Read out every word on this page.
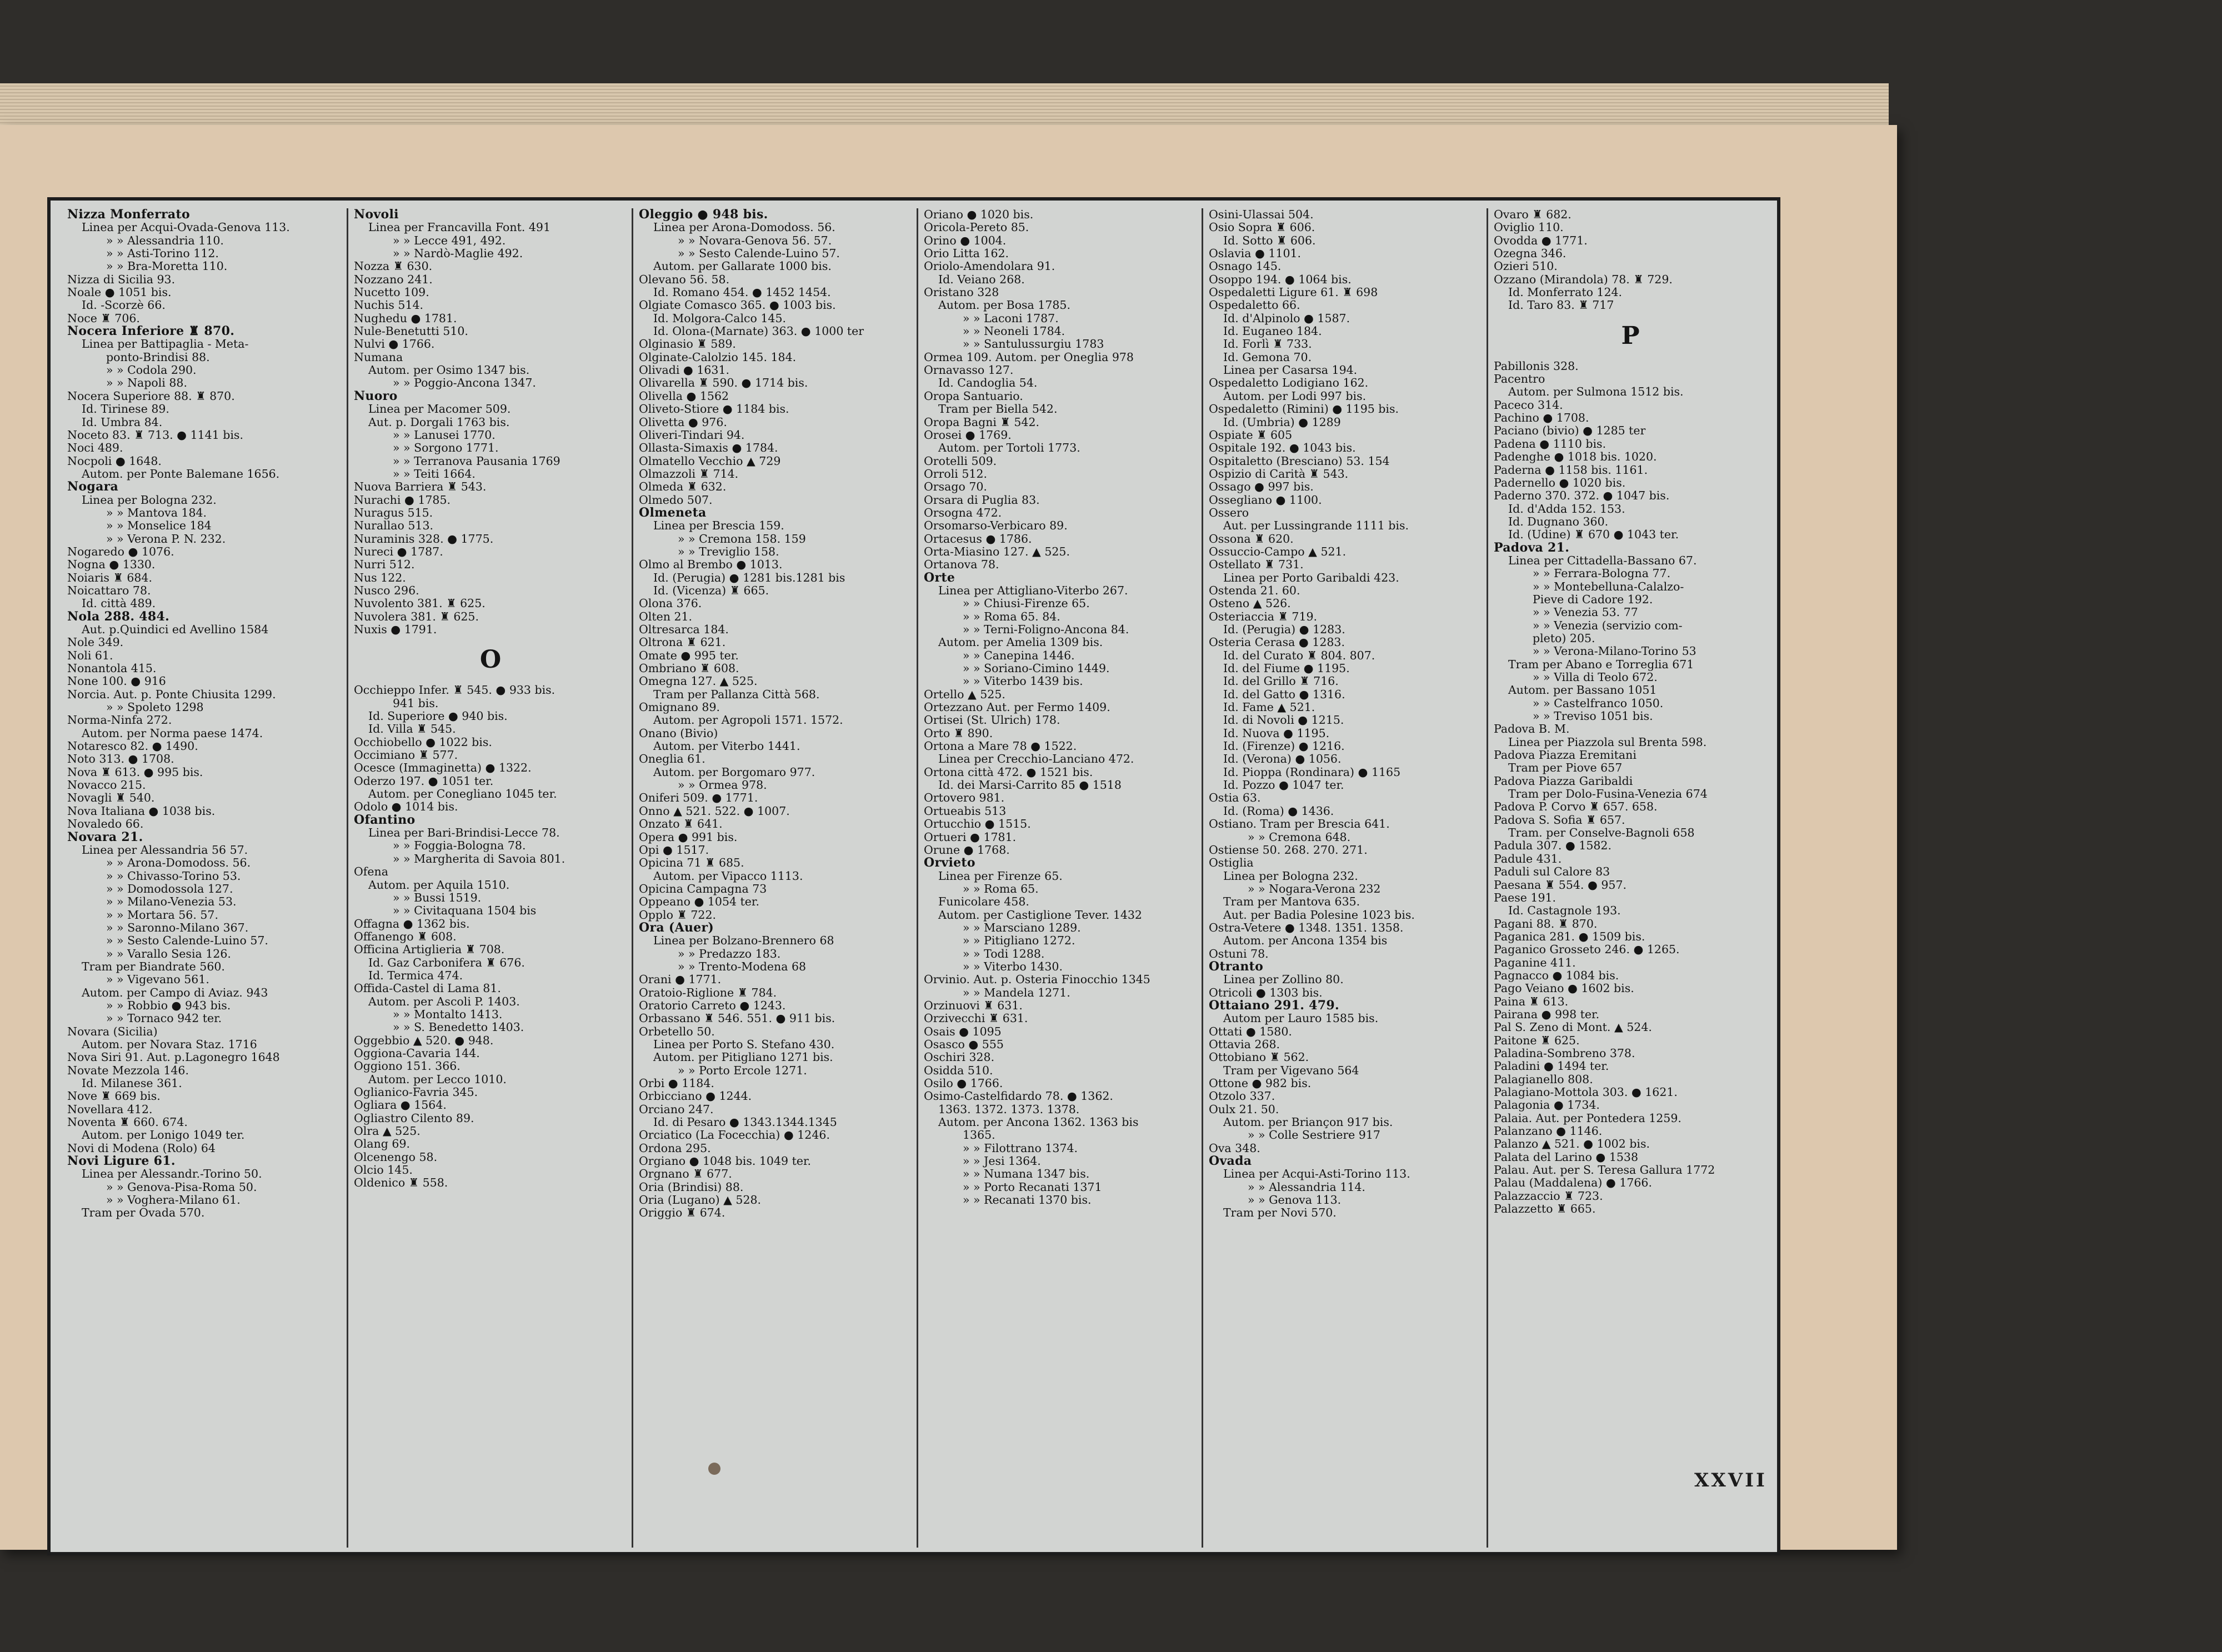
Nizza Monferrato
Linea per Acqui-Ovada-Genova 113.
» » Alessandria 110.
» » Asti-Torino 112.
» » Bra-Moretta 110.
Nizza di Sicilia 93.
Noale ● 1051 bis.
Id. -Scorzè 66.
Noce ♜ 706.
Nocera Inferiore ♜ 870.
Linea per Battipaglia - Meta-
ponto-Brindisi 88.
» » Codola 290.
» » Napoli 88.
Nocera Superiore 88. ♜ 870.
Id. Tirinese 89.
Id. Umbra 84.
Noceto 83. ♜ 713. ● 1141 bis.
Noci 489.
Nocpoli ● 1648.
Autom. per Ponte Balemane 1656.
Nogara
Linea per Bologna 232.
» » Mantova 184.
» » Monselice 184
» » Verona P. N. 232.
Nogaredo ● 1076.
Nogna ● 1330.
Noiaris ♜ 684.
Noicattaro 78.
Id. città 489.
Nola 288. 484.
Aut. p.Quindici ed Avellino 1584
Nole 349.
Noli 61.
Nonantola 415.
None 100. ● 916
Norcia. Aut. p. Ponte Chiusita 1299.
» » Spoleto 1298
Norma-Ninfa 272.
Autom. per Norma paese 1474.
Notaresco 82. ● 1490.
Noto 313. ● 1708.
Nova ♜ 613. ● 995 bis.
Novacco 215.
Novagli ♜ 540.
Nova Italiana ● 1038 bis.
Novaledo 66.
Novara 21.
Linea per Alessandria 56 57.
» » Arona-Domodoss. 56.
» » Chivasso-Torino 53.
» » Domodossola 127.
» » Milano-Venezia 53.
» » Mortara 56. 57.
» » Saronno-Milano 367.
» » Sesto Calende-Luino 57.
» » Varallo Sesia 126.
Tram per Biandrate 560.
» » Vigevano 561.
Autom. per Campo di Aviaz. 943
» » Robbio ● 943 bis.
» » Tornaco 942 ter.
Novara (Sicilia)
Autom. per Novara Staz. 1716
Nova Siri 91. Aut. p.Lagonegro 1648
Novate Mezzola 146.
Id. Milanese 361.
Nove ♜ 669 bis.
Novellara 412.
Noventa ♜ 660. 674.
Autom. per Lonigo 1049 ter.
Novi di Modena (Rolo) 64
Novi Ligure 61.
Linea per Alessandr.-Torino 50.
» » Genova-Pisa-Roma 50.
» » Voghera-Milano 61.
Tram per Ovada 570.
Novoli
Linea per Francavilla Font. 491
» » Lecce 491, 492.
» » Nardò-Maglie 492.
Nozza ♜ 630.
Nozzano 241.
Nucetto 109.
Nuchis 514.
Nughedu ● 1781.
Nule-Benetutti 510.
Nulvi ● 1766.
Numana
Autom. per Osimo 1347 bis.
» » Poggio-Ancona 1347.
Nuoro
Linea per Macomer 509.
Aut. p. Dorgali 1763 bis.
» » Lanusei 1770.
» » Sorgono 1771.
» » Terranova Pausania 1769
» » Teiti 1664.
Nuova Barriera ♜ 543.
Nurachi ● 1785.
Nuragus 515.
Nurallao 513.
Nuraminis 328. ● 1775.
Nureci ● 1787.
Nurri 512.
Nus 122.
Nusco 296.
Nuvolento 381. ♜ 625.
Nuvolera 381. ♜ 625.
Nuxis ● 1791.
O
Occhieppo Infer. ♜ 545. ● 933 bis.
941 bis.
Id. Superiore ● 940 bis.
Id. Villa ♜ 545.
Occhiobello ● 1022 bis.
Occimiano ♜ 577.
Ocesce (Immaginetta) ● 1322.
Oderzo 197. ● 1051 ter.
Autom. per Conegliano 1045 ter.
Odolo ● 1014 bis.
Ofantino
Linea per Bari-Brindisi-Lecce 78.
» » Foggia-Bologna 78.
» » Margherita di Savoia 801.
Ofena
Autom. per Aquila 1510.
» » Bussi 1519.
» » Civitaquana 1504 bis
Offagna ● 1362 bis.
Offanengo ♜ 608.
Officina Artiglieria ♜ 708.
Id. Gaz Carbonifera ♜ 676.
Id. Termica 474.
Offida-Castel di Lama 81.
Autom. per Ascoli P. 1403.
» » Montalto 1413.
» » S. Benedetto 1403.
Oggebbio ▲ 520. ● 948.
Oggiona-Cavaria 144.
Oggiono 151. 366.
Autom. per Lecco 1010.
Oglianico-Favria 345.
Ogliara ● 1564.
Ogliastro Cilento 89.
Olra ▲ 525.
Olang 69.
Olcenengo 58.
Olcio 145.
Oldenico ♜ 558.
Oleggio ● 948 bis.
Linea per Arona-Domodoss. 56.
» » Novara-Genova 56. 57.
» » Sesto Calende-Luino 57.
Autom. per Gallarate 1000 bis.
Olevano 56. 58.
Id. Romano 454. ● 1452 1454.
Olgiate Comasco 365. ● 1003 bis.
Id. Molgora-Calco 145.
Id. Olona-(Marnate) 363. ● 1000 ter
Olginasio ♜ 589.
Olginate-Calolzio 145. 184.
Olivadi ● 1631.
Olivarella ♜ 590. ● 1714 bis.
Olivella ● 1562
Oliveto-Stiore ● 1184 bis.
Olivetta ● 976.
Oliveri-Tindari 94.
Ollasta-Simaxis ● 1784.
Olmatello Vecchio ▲ 729
Olmazzoli ♜ 714.
Olmeda ♜ 632.
Olmedo 507.
Olmeneta
Linea per Brescia 159.
» » Cremona 158. 159
» » Treviglio 158.
Olmo al Brembo ● 1013.
Id. (Perugia) ● 1281 bis.1281 bis
Id. (Vicenza) ♜ 665.
Olona 376.
Olten 21.
Oltresarca 184.
Oltrona ♜ 621.
Omate ● 995 ter.
Ombriano ♜ 608.
Omegna 127. ▲ 525.
Tram per Pallanza Città 568.
Omignano 89.
Autom. per Agropoli 1571. 1572.
Onano (Bivio)
Autom. per Viterbo 1441.
Oneglia 61.
Autom. per Borgomaro 977.
» » Ormea 978.
Oniferi 509. ● 1771.
Onno ▲ 521. 522. ● 1007.
Onzato ♜ 641.
Opera ● 991 bis.
Opi ● 1517.
Opicina 71 ♜ 685.
Autom. per Vipacco 1113.
Opicina Campagna 73
Oppeano ● 1054 ter.
Opplo ♜ 722.
Ora (Auer)
Linea per Bolzano-Brennero 68
» » Predazzo 183.
» » Trento-Modena 68
Orani ● 1771.
Oratoio-Riglione ♜ 784.
Oratorio Carreto ● 1243.
Orbassano ♜ 546. 551. ● 911 bis.
Orbetello 50.
Linea per Porto S. Stefano 430.
Autom. per Pitigliano 1271 bis.
» » Porto Ercole 1271.
Orbi ● 1184.
Orbicciano ● 1244.
Orciano 247.
Id. di Pesaro ● 1343.1344.1345
Orciatico (La Focecchia) ● 1246.
Ordona 295.
Orgiano ● 1048 bis. 1049 ter.
Orgnano ♜ 677.
Oria (Brindisi) 88.
Oria (Lugano) ▲ 528.
Origgio ♜ 674.
Oriano ● 1020 bis.
Oricola-Pereto 85.
Orino ● 1004.
Orio Litta 162.
Oriolo-Amendolara 91.
Id. Veiano 268.
Oristano 328
Autom. per Bosa 1785.
» » Laconi 1787.
» » Neoneli 1784.
» » Santulussurgiu 1783
Ormea 109. Autom. per Oneglia 978
Ornavasso 127.
Id. Candoglia 54.
Oropa Santuario.
Tram per Biella 542.
Oropa Bagni ♜ 542.
Orosei ● 1769.
Autom. per Tortoli 1773.
Orotelli 509.
Orroli 512.
Orsago 70.
Orsara di Puglia 83.
Orsogna 472.
Orsomarso-Verbicaro 89.
Ortacesus ● 1786.
Orta-Miasino 127. ▲ 525.
Ortanova 78.
Orte
Linea per Attigliano-Viterbo 267.
» » Chiusi-Firenze 65.
» » Roma 65. 84.
» » Terni-Foligno-Ancona 84.
Autom. per Amelia 1309 bis.
» » Canepina 1446.
» » Soriano-Cimino 1449.
» » Viterbo 1439 bis.
Ortello ▲ 525.
Ortezzano Aut. per Fermo 1409.
Ortisei (St. Ulrich) 178.
Orto ♜ 890.
Ortona a Mare 78 ● 1522.
Linea per Crecchio-Lanciano 472.
Ortona città 472. ● 1521 bis.
Id. dei Marsi-Carrito 85 ● 1518
Ortovero 981.
Ortueabis 513
Ortucchio ● 1515.
Ortueri ● 1781.
Orune ● 1768.
Orvieto
Linea per Firenze 65.
» » Roma 65.
Funicolare 458.
Autom. per Castiglione Tever. 1432
» » Marsciano 1289.
» » Pitigliano 1272.
» » Todi 1288.
» » Viterbo 1430.
Orvinio. Aut. p. Osteria Finocchio 1345
» » Mandela 1271.
Orzinuovi ♜ 631.
Orzivecchi ♜ 631.
Osais ● 1095
Osasco ● 555
Oschiri 328.
Osidda 510.
Osilo ● 1766.
Osimo-Castelfidardo 78. ● 1362.
1363. 1372. 1373. 1378.
Autom. per Ancona 1362. 1363 bis
1365.
» » Filottrano 1374.
» » Jesi 1364.
» » Numana 1347 bis.
» » Porto Recanati 1371
» » Recanati 1370 bis.
Osini-Ulassai 504.
Osio Sopra ♜ 606.
Id. Sotto ♜ 606.
Oslavia ● 1101.
Osnago 145.
Osoppo 194. ● 1064 bis.
Ospedaletti Ligure 61. ♜ 698
Ospedaletto 66.
Id. d'Alpinolo ● 1587.
Id. Euganeo 184.
Id. Forlì ♜ 733.
Id. Gemona 70.
Linea per Casarsa 194.
Ospedaletto Lodigiano 162.
Autom. per Lodi 997 bis.
Ospedaletto (Rimini) ● 1195 bis.
Id. (Umbria) ● 1289
Ospiate ♜ 605
Ospitale 192. ● 1043 bis.
Ospitaletto (Bresciano) 53. 154
Ospizio di Carità ♜ 543.
Ossago ● 997 bis.
Ossegliano ● 1100.
Ossero
Aut. per Lussingrande 1111 bis.
Ossona ♜ 620.
Ossuccio-Campo ▲ 521.
Ostellato ♜ 731.
Linea per Porto Garibaldi 423.
Ostenda 21. 60.
Osteno ▲ 526.
Osteriaccia ♜ 719.
Id. (Perugia) ● 1283.
Osteria Cerasa ● 1283.
Id. del Curato ♜ 804. 807.
Id. del Fiume ● 1195.
Id. del Grillo ♜ 716.
Id. del Gatto ● 1316.
Id. Fame ▲ 521.
Id. di Novoli ● 1215.
Id. Nuova ● 1195.
Id. (Firenze) ● 1216.
Id. (Verona) ● 1056.
Id. Pioppa (Rondinara) ● 1165
Id. Pozzo ● 1047 ter.
Ostia 63.
Id. (Roma) ● 1436.
Ostiano. Tram per Brescia 641.
» » Cremona 648.
Ostiense 50. 268. 270. 271.
Ostiglia
Linea per Bologna 232.
» » Nogara-Verona 232
Tram per Mantova 635.
Aut. per Badia Polesine 1023 bis.
Ostra-Vetere ● 1348. 1351. 1358.
Autom. per Ancona 1354 bis
Ostuni 78.
Otranto
Linea per Zollino 80.
Otricoli ● 1303 bis.
Ottaiano 291. 479.
Autom per Lauro 1585 bis.
Ottati ● 1580.
Ottavia 268.
Ottobiano ♜ 562.
Tram per Vigevano 564
Ottone ● 982 bis.
Otzolo 337.
Oulx 21. 50.
Autom. per Briançon 917 bis.
» » Colle Sestriere 917
Ova 348.
Ovada
Linea per Acqui-Asti-Torino 113.
» » Alessandria 114.
» » Genova 113.
Tram per Novi 570.
Ovaro ♜ 682.
Oviglio 110.
Ovodda ● 1771.
Ozegna 346.
Ozieri 510.
Ozzano (Mirandola) 78. ♜ 729.
Id. Monferrato 124.
Id. Taro 83. ♜ 717
P
Pabillonis 328.
Pacentro
Autom. per Sulmona 1512 bis.
Paceco 314.
Pachino ● 1708.
Paciano (bivio) ● 1285 ter
Padena ● 1110 bis.
Padenghe ● 1018 bis. 1020.
Paderna ● 1158 bis. 1161.
Padernello ● 1020 bis.
Paderno 370. 372. ● 1047 bis.
Id. d'Adda 152. 153.
Id. Dugnano 360.
Id. (Udine) ♜ 670 ● 1043 ter.
Padova 21.
Linea per Cittadella-Bassano 67.
» » Ferrara-Bologna 77.
» » Montebelluna-Calalzo-
Pieve di Cadore 192.
» » Venezia 53. 77
» » Venezia (servizio com-
pleto) 205.
» » Verona-Milano-Torino 53
Tram per Abano e Torreglia 671
» » Villa di Teolo 672.
Autom. per Bassano 1051
» » Castelfranco 1050.
» » Treviso 1051 bis.
Padova B. M.
Linea per Piazzola sul Brenta 598.
Padova Piazza Eremitani
Tram per Piove 657
Padova Piazza Garibaldi
Tram per Dolo-Fusina-Venezia 674
Padova P. Corvo ♜ 657. 658.
Padova S. Sofia ♜ 657.
Tram. per Conselve-Bagnoli 658
Padula 307. ● 1582.
Padule 431.
Paduli sul Calore 83
Paesana ♜ 554. ● 957.
Paese 191.
Id. Castagnole 193.
Pagani 88. ♜ 870.
Paganica 281. ● 1509 bis.
Paganico Grosseto 246. ● 1265.
Paganine 411.
Pagnacco ● 1084 bis.
Pago Veiano ● 1602 bis.
Paina ♜ 613.
Pairana ● 998 ter.
Pal S. Zeno di Mont. ▲ 524.
Paitone ♜ 625.
Paladina-Sombreno 378.
Paladini ● 1494 ter.
Palagianello 808.
Palagiano-Mottola 303. ● 1621.
Palagonia ● 1734.
Palaia. Aut. per Pontedera 1259.
Palanzano ● 1146.
Palanzo ▲ 521. ● 1002 bis.
Palata del Larino ● 1538
Palau. Aut. per S. Teresa Gallura 1772
Palau (Maddalena) ● 1766.
Palazzaccio ♜ 723.
Palazzetto ♜ 665.
XXVII
